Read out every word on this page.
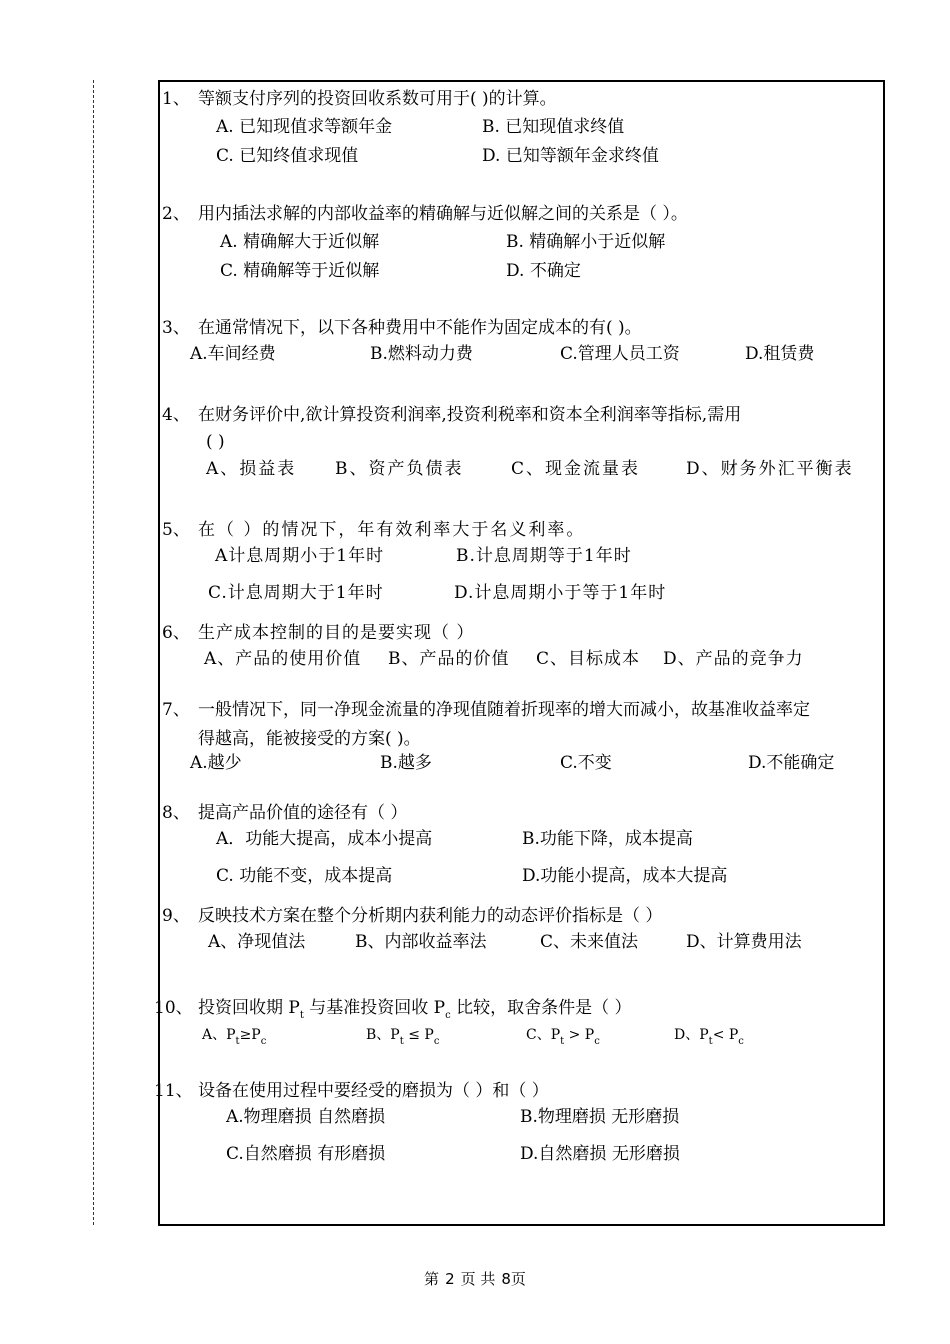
1、 等额支付序列的投资回收系数可用于( )的计算。
A. 已知现值求等额年金	B. 已知现值求终值
C. 已知终值求现值	D. 已知等额年金求终值
2、 用内插法求解的内部收益率的精确解与近似解之间的关系是（ ）。
A. 精确解大于近似解	B. 精确解小于近似解
C. 精确解等于近似解	D. 不确定
3、 在通常情况下，以下各种费用中不能作为固定成本的有( )。
A.车间经费	B.燃料动力费	C.管理人员工资	D.租赁费
4、 在财务评价中,欲计算投资利润率,投资利税率和资本全利润率等指标,需用
( )
A、损益表 B、资产负债表	C、现金流量表	D、财务外汇平衡表
5、 在（ ）的情况下，年有效利率大于名义利率。
A计息周期小于1年时	B.计息周期等于1年时
C.计息周期大于1年时	D.计息周期小于等于1年时
6、 生产成本控制的目的是要实现（ ）
A、产品的使用价值 B、产品的价值 C、目标成本 D、产品的竞争力
7、 一般情况下，同一净现金流量的净现值随着折现率的增大而减小，故基准收益率定
得越高，能被接受的方案( )。
A.越少	B.越多	C.不变	D.不能确定
8、 提高产品价值的途径有（ ）
A．功能大提高，成本小提高	B.功能下降，成本提高
C. 功能不变，成本提高	D.功能小提高，成本大提高
9、 反映技术方案在整个分析期内获利能力的动态评价指标是（ ）
A、净现值法	B、内部收益率法	C、未来值法	D、计算费用法
10、 投资回收期 $P_t$ 与基准投资回收 $P_c$ 比较，取舍条件是（ ）
A、$P_t\ge P_c$	B、$P_t \le P_c$	C、$P_t > P_c$	D、$P_t< P_c$
11、 设备在使用过程中要经受的磨损为（ ）和（ ）
A.物理磨损 自然磨损	B.物理磨损 无形磨损
C.自然磨损 有形磨损	D.自然磨损 无形磨损
第 2 页 共 8页
